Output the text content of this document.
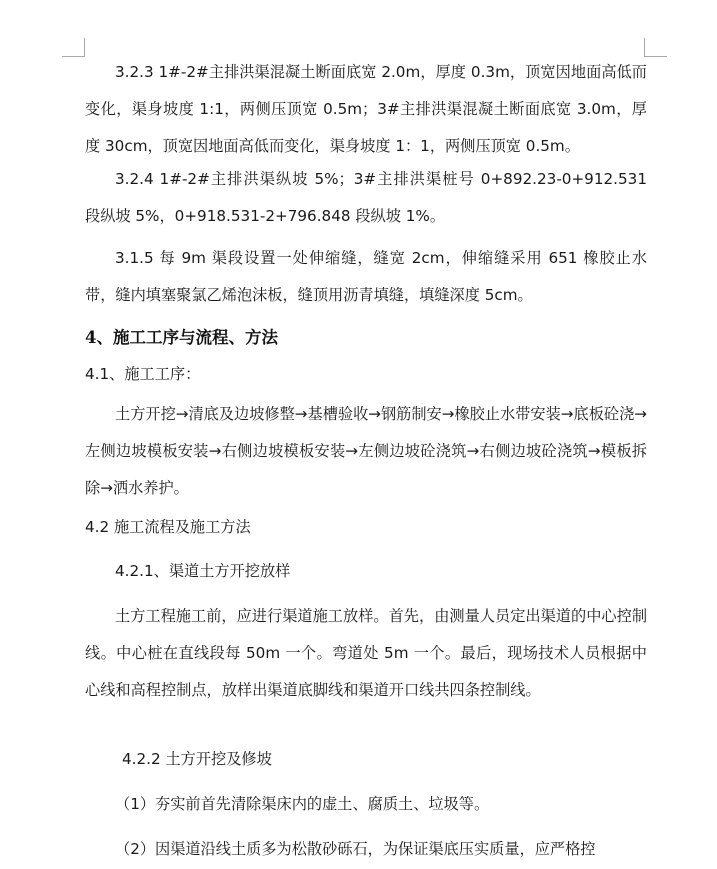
3.2.3 1#-2#主排洪渠混凝土断面底宽 2.0m，厚度 0.3m，顶宽因地面高低而变化，渠身坡度 1:1，两侧压顶宽 0.5m；3#主排洪渠混凝土断面底宽 3.0m，厚度 30cm，顶宽因地面高低而变化，渠身坡度 1：1，两侧压顶宽 0.5m。

3.2.4 1#-2#主排洪渠纵坡 5%；3#主排洪渠桩号 0+892.23-0+912.531 段纵坡 5%，0+918.531-2+796.848 段纵坡 1%。

3.1.5 每 9m 渠段设置一处伸缩缝，缝宽 2cm，伸缩缝采用 651 橡胶止水带，缝内填塞聚氯乙烯泡沫板，缝顶用沥青填缝，填缝深度 5cm。

4、施工工序与流程、方法

4.1、施工工序：

土方开挖→清底及边坡修整→基槽验收→钢筋制安→橡胶止水带安装→底板砼浇→左侧边坡模板安装→右侧边坡模板安装→左侧边坡砼浇筑→右侧边坡砼浇筑→模板拆除→洒水养护。

4.2 施工流程及施工方法

4.2.1、渠道土方开挖放样

土方工程施工前，应进行渠道施工放样。首先，由测量人员定出渠道的中心控制线。中心桩在直线段每 50m 一个。弯道处 5m 一个。最后，现场技术人员根据中心线和高程控制点，放样出渠道底脚线和渠道开口线共四条控制线。

4.2.2 土方开挖及修坡

（1）夯实前首先清除渠床内的虚土、腐质土、垃圾等。

（2）因渠道沿线土质多为松散砂砾石，为保证渠底压实质量，应严格控
